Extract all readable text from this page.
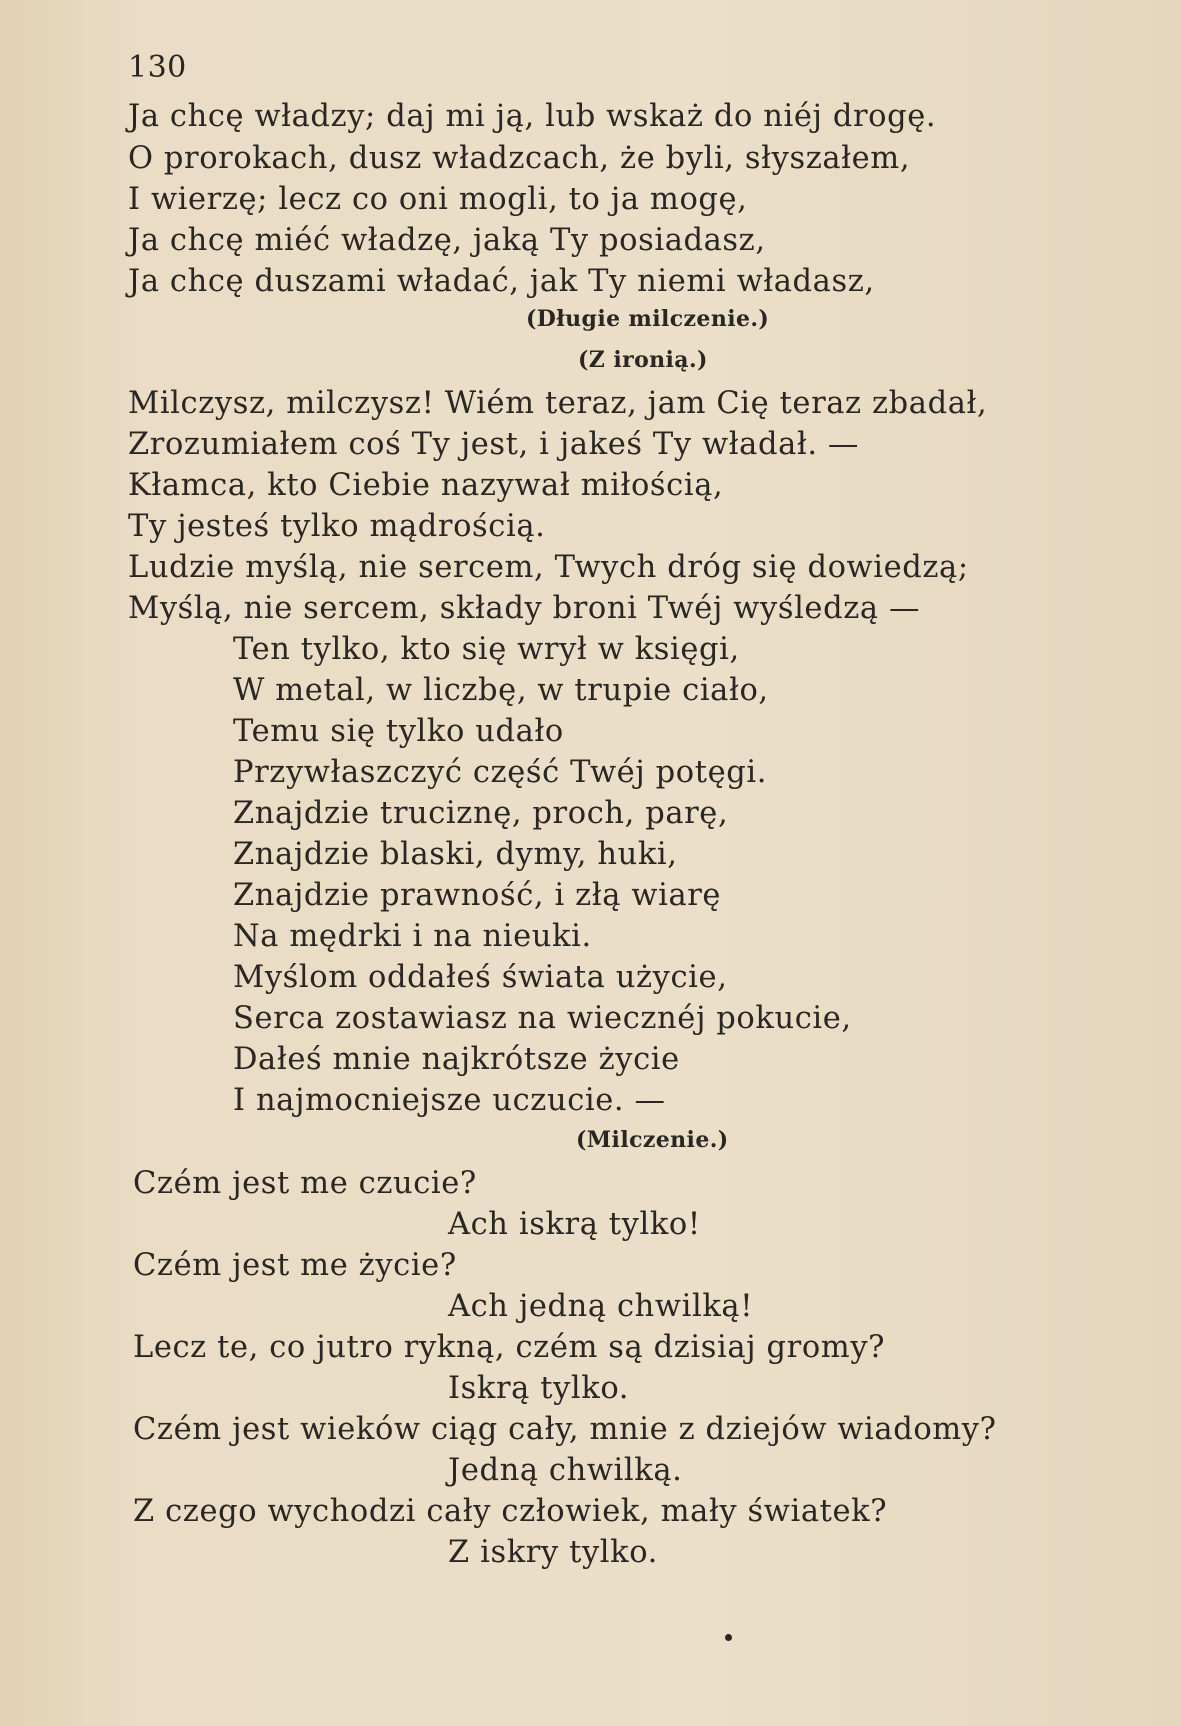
130
Ja chcę władzy; daj mi ją, lub wskaż do niéj drogę.
O prorokach, dusz władzcach, że byli, słyszałem,
I wierzę; lecz co oni mogli, to ja mogę,
Ja chcę miéć władzę, jaką Ty posiadasz,
Ja chcę duszami władać, jak Ty niemi władasz,
(Długie milczenie.)
(Z ironią.)
Milczysz, milczysz! Wiém teraz, jam Cię teraz zbadał,
Zrozumiałem coś Ty jest, i jakeś Ty władał. —
Kłamca, kto Ciebie nazywał miłością,
Ty jesteś tylko mądrością.
Ludzie myślą, nie sercem, Twych dróg się dowiedzą;
Myślą, nie sercem, składy broni Twéj wyśledzą —
Ten tylko, kto się wrył w księgi,
W metal, w liczbę, w trupie ciało,
Temu się tylko udało
Przywłaszczyć część Twéj potęgi.
Znajdzie truciznę, proch, parę,
Znajdzie blaski, dymy, huki,
Znajdzie prawność, i złą wiarę
Na mędrki i na nieuki.
Myślom oddałeś świata użycie,
Serca zostawiasz na wiecznéj pokucie,
Dałeś mnie najkrótsze życie
I najmocniejsze uczucie. —
(Milczenie.)
Czém jest me czucie?
Ach iskrą tylko!
Czém jest me życie?
Ach jedną chwilką!
Lecz te, co jutro rykną, czém są dzisiaj gromy?
Iskrą tylko.
Czém jest wieków ciąg cały, mnie z dziejów wiadomy?
Jedną chwilką.
Z czego wychodzi cały człowiek, mały światek?
Z iskry tylko.
